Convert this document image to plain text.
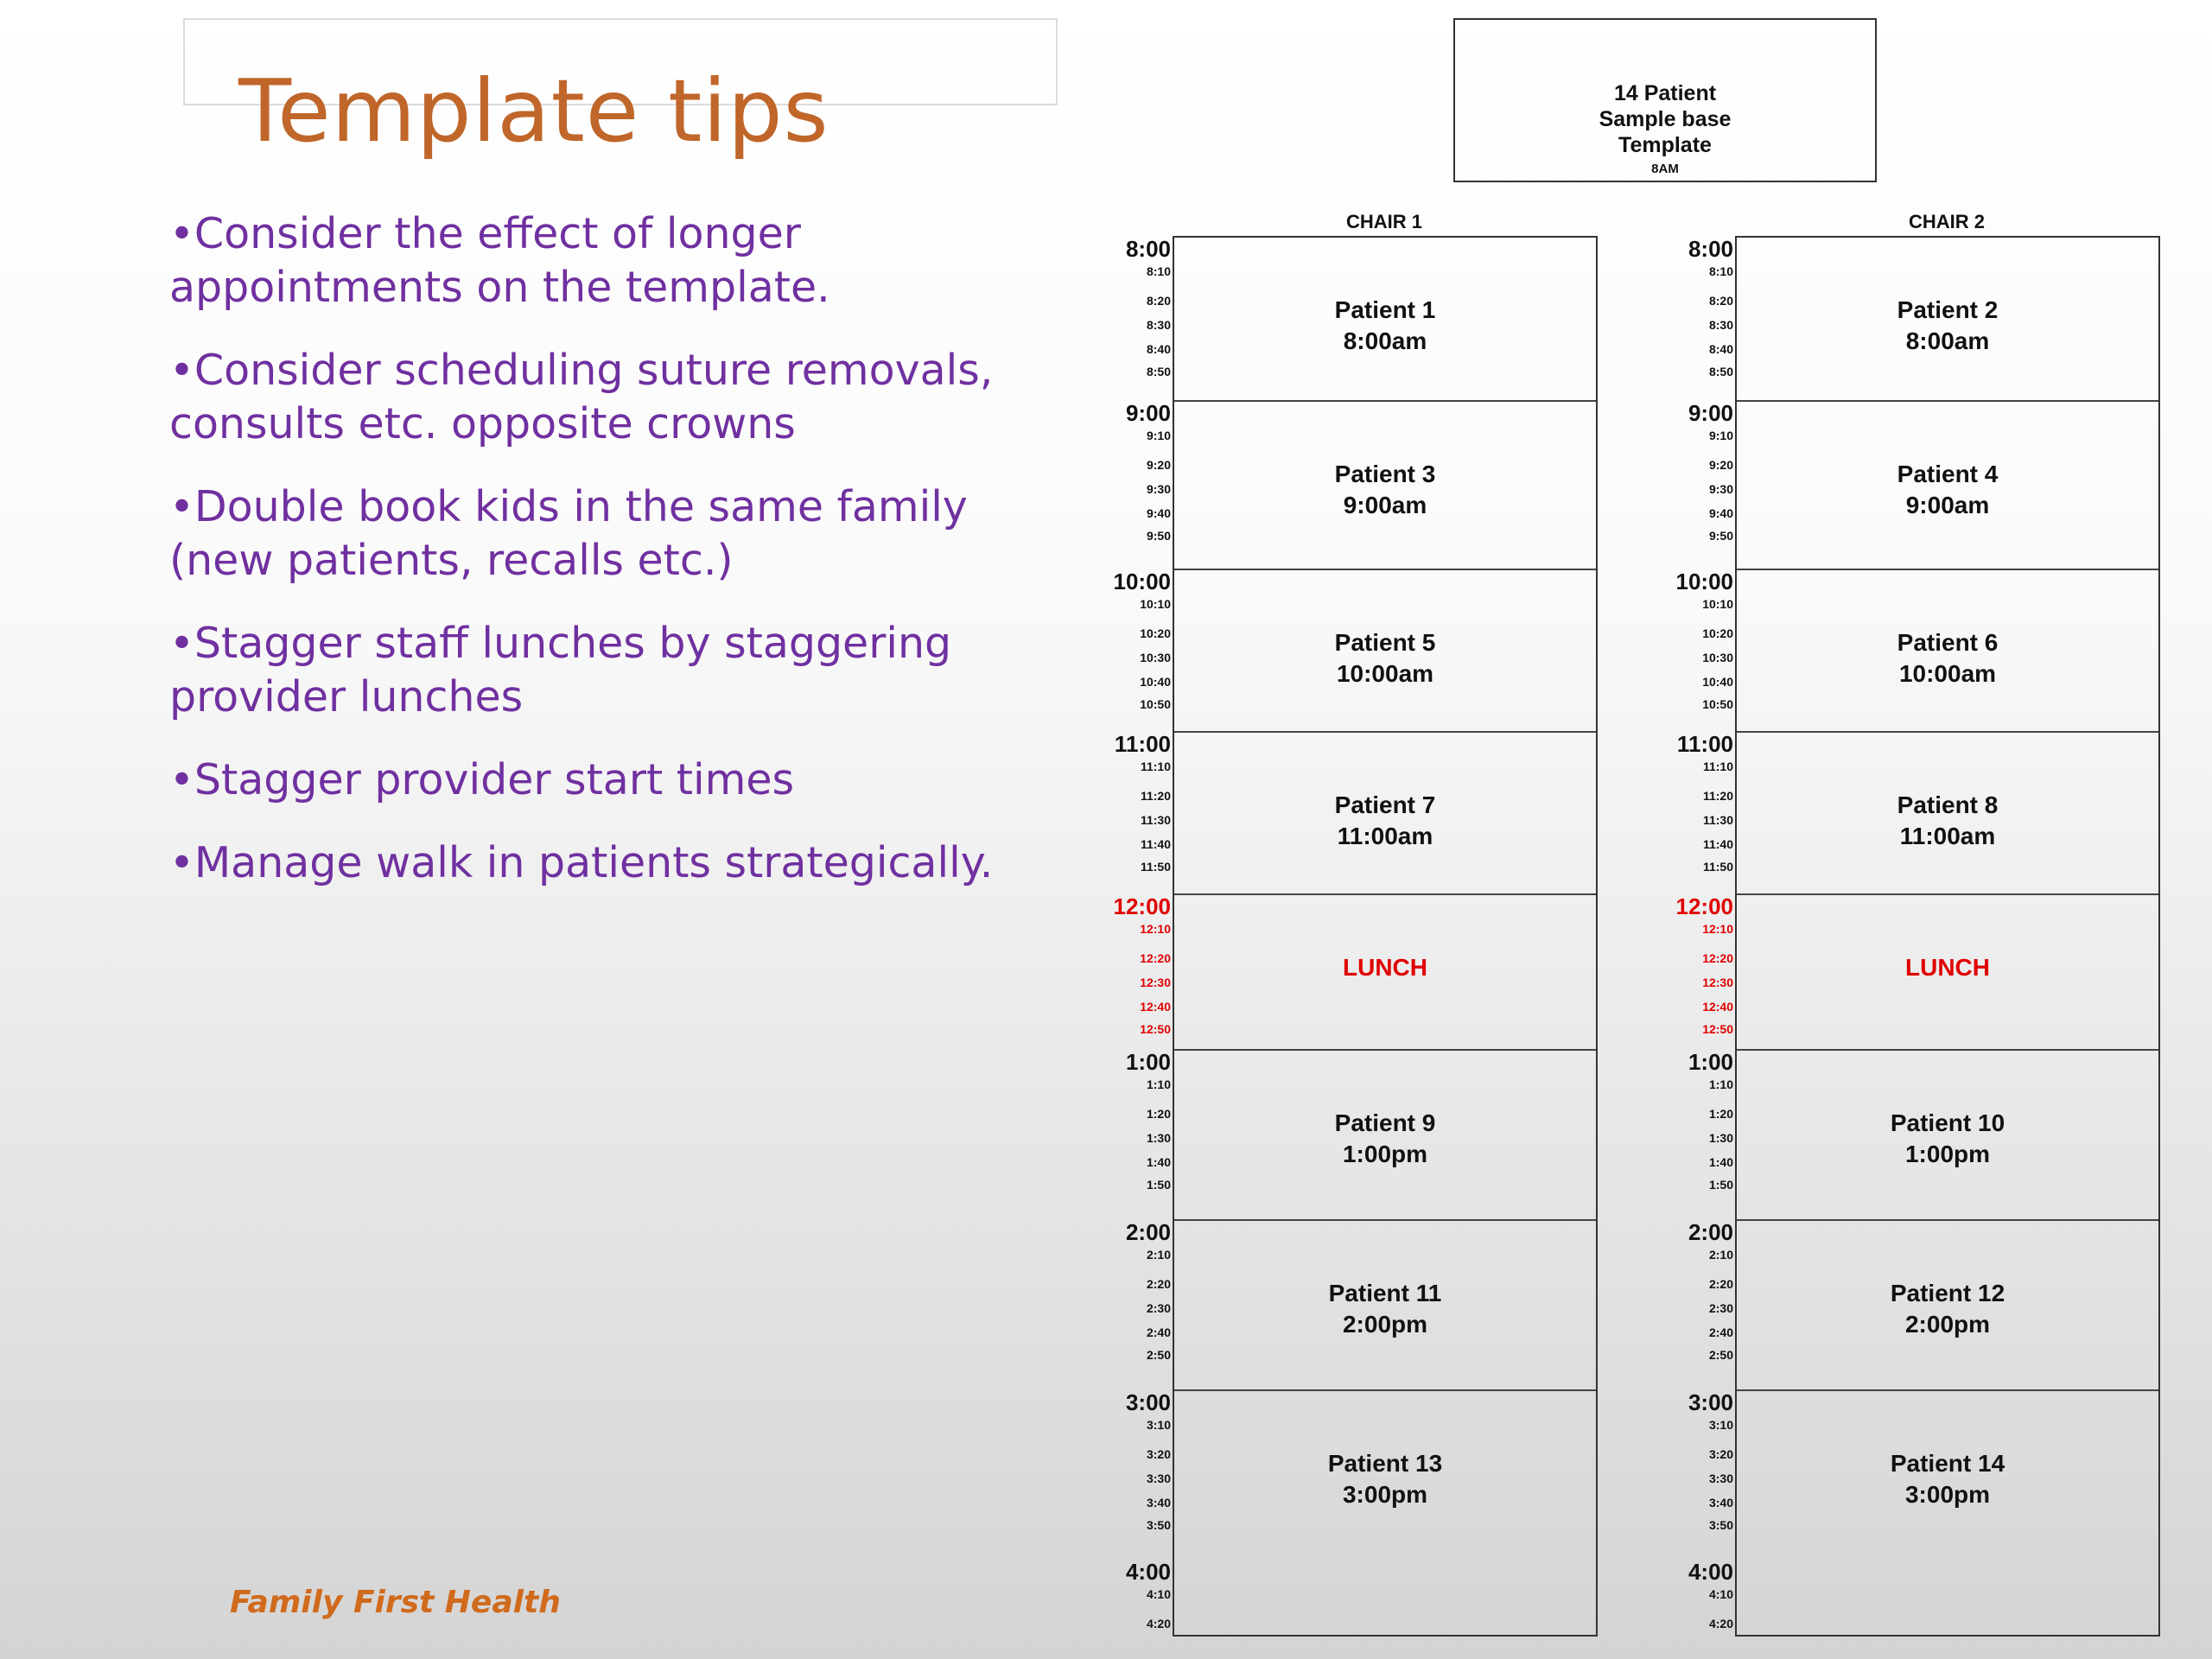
Template tips
• Consider the effect of longer appointments on the template.
• Consider scheduling suture removals, consults etc. opposite crowns
• Double book kids in the same family (new patients, recalls etc.)
• Stagger staff lunches by staggering provider lunches
• Stagger provider start times
• Manage walk in patients strategically.
Family First Health
14 Patient
Sample base
Template
8AM
CHAIR 1
Patient 1
8:00am
Patient 3
9:00am
Patient 5
10:00am
Patient 7
11:00am
LUNCH
Patient 9
1:00pm
Patient 11
2:00pm
Patient 13
3:00pm
8:00
8:10
8:20
8:30
8:40
8:50
9:00
9:10
9:20
9:30
9:40
9:50
10:00
10:10
10:20
10:30
10:40
10:50
11:00
11:10
11:20
11:30
11:40
11:50
12:00
12:10
12:20
12:30
12:40
12:50
1:00
1:10
1:20
1:30
1:40
1:50
2:00
2:10
2:20
2:30
2:40
2:50
3:00
3:10
3:20
3:30
3:40
3:50
4:00
4:10
4:20
CHAIR 2
Patient 2
8:00am
Patient 4
9:00am
Patient 6
10:00am
Patient 8
11:00am
LUNCH
Patient 10
1:00pm
Patient 12
2:00pm
Patient 14
3:00pm
8:00
8:10
8:20
8:30
8:40
8:50
9:00
9:10
9:20
9:30
9:40
9:50
10:00
10:10
10:20
10:30
10:40
10:50
11:00
11:10
11:20
11:30
11:40
11:50
12:00
12:10
12:20
12:30
12:40
12:50
1:00
1:10
1:20
1:30
1:40
1:50
2:00
2:10
2:20
2:30
2:40
2:50
3:00
3:10
3:20
3:30
3:40
3:50
4:00
4:10
4:20
